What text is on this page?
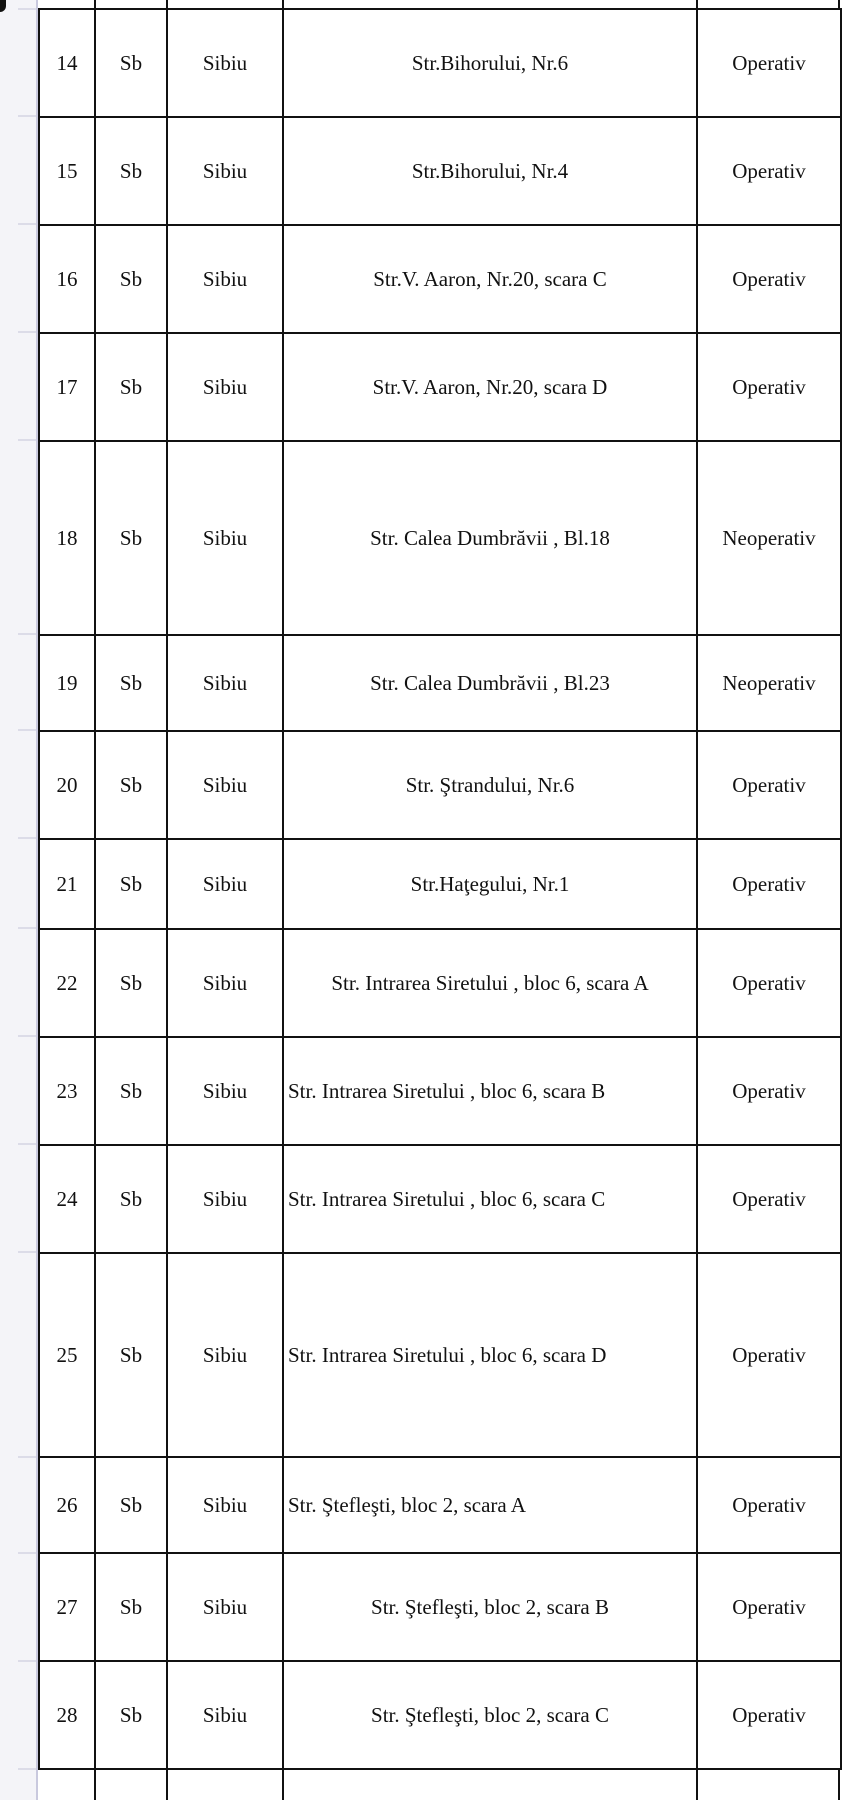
14	Sb	Sibiu	Str.Bihorului, Nr.6	Operativ
15	Sb	Sibiu	Str.Bihorului, Nr.4	Operativ
16	Sb	Sibiu	Str.V. Aaron, Nr.20, scara C	Operativ
17	Sb	Sibiu	Str.V. Aaron, Nr.20, scara D	Operativ
18	Sb	Sibiu	Str. Calea Dumbrăvii , Bl.18	Neoperativ
19	Sb	Sibiu	Str. Calea Dumbrăvii , Bl.23	Neoperativ
20	Sb	Sibiu	Str. Ştrandului, Nr.6	Operativ
21	Sb	Sibiu	Str.Haţegului, Nr.1	Operativ
22	Sb	Sibiu	Str. Intrarea Siretului , bloc 6, scara A	Operativ
23	Sb	Sibiu	Str. Intrarea Siretului , bloc 6, scara B	Operativ
24	Sb	Sibiu	Str. Intrarea Siretului , bloc 6, scara C	Operativ
25	Sb	Sibiu	Str. Intrarea Siretului , bloc 6, scara D	Operativ
26	Sb	Sibiu	Str. Ştefleşti, bloc 2, scara A	Operativ
27	Sb	Sibiu	Str. Ştefleşti, bloc 2, scara B	Operativ
28	Sb	Sibiu	Str. Ştefleşti, bloc 2, scara C	Operativ
